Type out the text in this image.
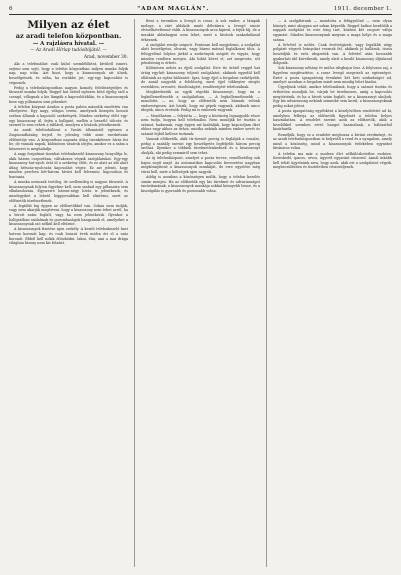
6	"ADAM MAGLÁN".	1911. december 1.
Milyen az élet
az aradi telefon központban.
— A rajzlásra hívatal. —
— Az Aradi Hírlap tudósítójától. —
Arad, november 30.

Aki a telefonálást csak külső szemlélőként, kívülről ismeri, sejteni sem sejti, hogy a telefon központban milyen munka folyik nap, nap után. Azt hiszi, hogy a kisasszonyok ott ülnek, beszélgetnek, és néha, ha eszükbe jut, egy-egy kapcsolást is végeznek.

Pedig a telefonközpontban nagyon komoly, felelősségteljes és fárasztó munka folyik. Reggel hat órától egészen késő éjjelig szól a csengő, villognak a kis lámpák a kapcsolótáblán, és a kisasszonyok keze egy pillanatra sem pihenhet.

A telefon központ Aradon a posta palota második emeletén van elhelyezve. Egy nagy, világos terem, amelynek közepén hosszú sorban állanak a kapcsoló szekrények. Minden szekrény előtt egy-egy kisasszony ül, fején a hallgató, mellén a beszélő tölcsér, és szemét le sem veheti a tábláról, amelyen a hívások jelentkeznek.

Az aradi telefonhálózat a Vasúti állomástól egészen a Zsigmondházáig terjed, és jelenleg több mint ezerkétszáz előfizetője van. A központban naponta átlag tizenkétezer hívás fut be, de vannak napok, különösen vásárok idején, amikor ez a szám a húszezret is meghaladja.

A nagy forgalmat tizenhat telefonkezelő kisasszony bonyolítja le, akik három csoportban, váltakozva végzik szolgálatukat. Egy-egy kisasszony hat-nyolc órát ül a szekrény előtt, és ez alatt az idő alatt átlag hétszáz-nyolcszáz kapcsolást végez. Ez azt jelenti, hogy minden percben két-három hívást kell felvennie, kapcsolnia és bontania.

A munka nemcsak testileg, de szellemileg is nagyon fárasztó. A kisasszonynak folyton figyelnie kell, nem szabad egy pillanatra sem elkalandoznia. Egyszerre három-négy hívás is jelentkezik, és mindegyiket a lehető leggyorsabban kell elintézni, mert az előfizetők türelmetlenek.

A legtöbb baj éppen az előfizetőkkel van. Sokan nem tudják, vagy nem akarják megérteni, hogy a kisasszony nem tehet arról, ha a hívott szám foglalt, vagy ha nem jelentkezik. Ilyenkor a hallgatóban szidalmak és gorombaságok hangzanak el, amelyeket a kisasszonynak szó nélkül kell eltűrnie.

A kisasszonyok fizetése igen csekély. A kezdő telefonkezelő havi hatvan koronát kap, és csak hosszú évek múlva éri el a száz koronát. Ebből kell nekik öltözködni, lakni, élni, ami a mai drága világban bizony nem kis feladat.

Bent a teremben a levegő is rossz. A sok ember, a lámpák melege, a zárt ablakok miatt délutánra a levegő szinte elviselhetetlenné válik. A kisasszonyok arca kipirul, a fejük fáj, de a munkát abbahagyni nem lehet, mert a hívások szakadatlanul érkeznek.

A szolgálat rendje szigorú. Pontosan kell megjelenni, a szolgálat alatt beszélgetni, olvasni, vagy bármi mással foglalkozni tilos. A felügyelőnő folyton járkál a szekrények mögött és vigyáz, hogy minden rendben menjen. Aki hibát követ el, azt megrovás, sőt pénzbírság is érheti.

Különösen nehéz az éjjeli szolgálat. Este tíz órától reggel hat óráig egy-két kisasszony teljesít szolgálatot, akiknek egyedül kell ellátniuk az egész hálózatot. Igaz, hogy éjjel a forgalom csekélyebb, de annál nagyobb a felelősség, mert éjjel többnyire sürgős esetekben, orvosért, tűzoltóságért, rendőrségért telefonálnak.

Megkérdeztük az egyik régebbi kisasszonyt, hogy mi a legkellemetlenebb a szolgálatban. — A legkellemetlenebb — mondotta — az, hogy az előfizetők nem bánnak velünk emberségesen. Azt hiszik, hogy mi gépek vagyunk, akiknek nincs idegük, nincs érzésük. Pedig mi is emberek vagyunk.

— Mondhatom — folytatta —, hogy a közönség legnagyobb része nem tudja, hogyan kell telefonálni. Nem mondják be tisztán a számot, hadarnak, vagy éppen azt kiabálják, hogy kapcsoljam őket ehhez vagy ahhoz az úrhoz, mintha nekünk minden ember nevét és számát fejből kellene tudnunk.

Vannak előfizetők, akik tíz-tizenöt percig is foglalják a vonalat, pedig a szabály szerint egy beszélgetés legfeljebb három percig tarthat. Ilyenkor a többiek türelmetlenkednek és a kisasszonyt okolják, aki pedig semmiről sem tehet.

Az új telefonközpont, amelyet a posta tervez, remélhetőleg sok bajon segít majd. Az automatikus kapcsolás bevezetése nagyban megkönnyítené a kisasszonyok munkáját, de erre egyelőre még várni kell, mert a költségek igen nagyok.

Addig is azonban a közönségen múlik, hogy a telefon kezelés simán menjen. Ha az előfizetők egy kis türelmet és udvariasságot tanúsítanának, a kisasszonyok munkája sokkal könnyebb lenne, és a kiszolgálás is gyorsabb és pontosabb volna.

— A szolgálatunk — mondotta a felügyelőnő — nem olyan könnyű, mint ahogyan azt sokan képzelik. Reggel hatkor kezdődik a nappali szolgálat és este tízig tart, közben két csoport váltja egymást. Minden kisasszonynak megvan a maga helye és a maga száma.

A felvétel is nehéz. Csak érettségizett, vagy legalább négy polgárit végzett leányokat vesznek fel, akiknek jó hallásuk, tiszta beszédjük és erős idegzetük van. A felvétel után hosszabb gyakorlati idő következik, amely alatt a kezdő kisasszony díjtalanul dolgozik.

Sok kisasszony néhány év múlva idegbajos lesz. A folytonos zaj, a figyelem megfeszítése, a rossz levegő megviseli az egészséget. Ezért a posta igazgatóság évenként két heti szabadságot ad, amelyet azonban a forgalom miatt nem mindig lehet kiadni.

Ügyeljünk tehát, amikor telefonálunk, hogy a számot tisztán és érthetően mondjuk be, várjuk be türelmesen, amíg a kapcsolás megtörténik, és ha a hívott szám foglalt, ne a kisasszonyt okoljuk. Egy kis udvariasság nekünk semmibe sem kerül, a kisasszonyoknak pedig sokat jelent.

A posta igazgatóság egyébként a közeljövőben rendeletet ad ki, amelyben felhívja az előfizetők figyelmét a telefon helyes használatára. A rendelet szerint azok az előfizetők, akik a kezelőkkel szemben sértő hangot használnak, a hálózatból kizárhatók.

Reméljük, hogy ez a rendelet meghozza a kívánt eredményt, és az aradi telefonközpontban is helyreáll a rend és a nyugalom, amely mind a közönség, mind a kisasszonyok érdekében egyaránt kívánatos volna.

A telefon ma már a modern élet nélkülözhetetlen eszköze. Kereskedő, iparos, orvos, ügyvéd egyaránt rászorul. Annál inkább kell tehát ügyelnünk arra, hogy azok, akik ezt a szolgálatot végzik, megbecsülésben és tiszteletben részesüljenek.
